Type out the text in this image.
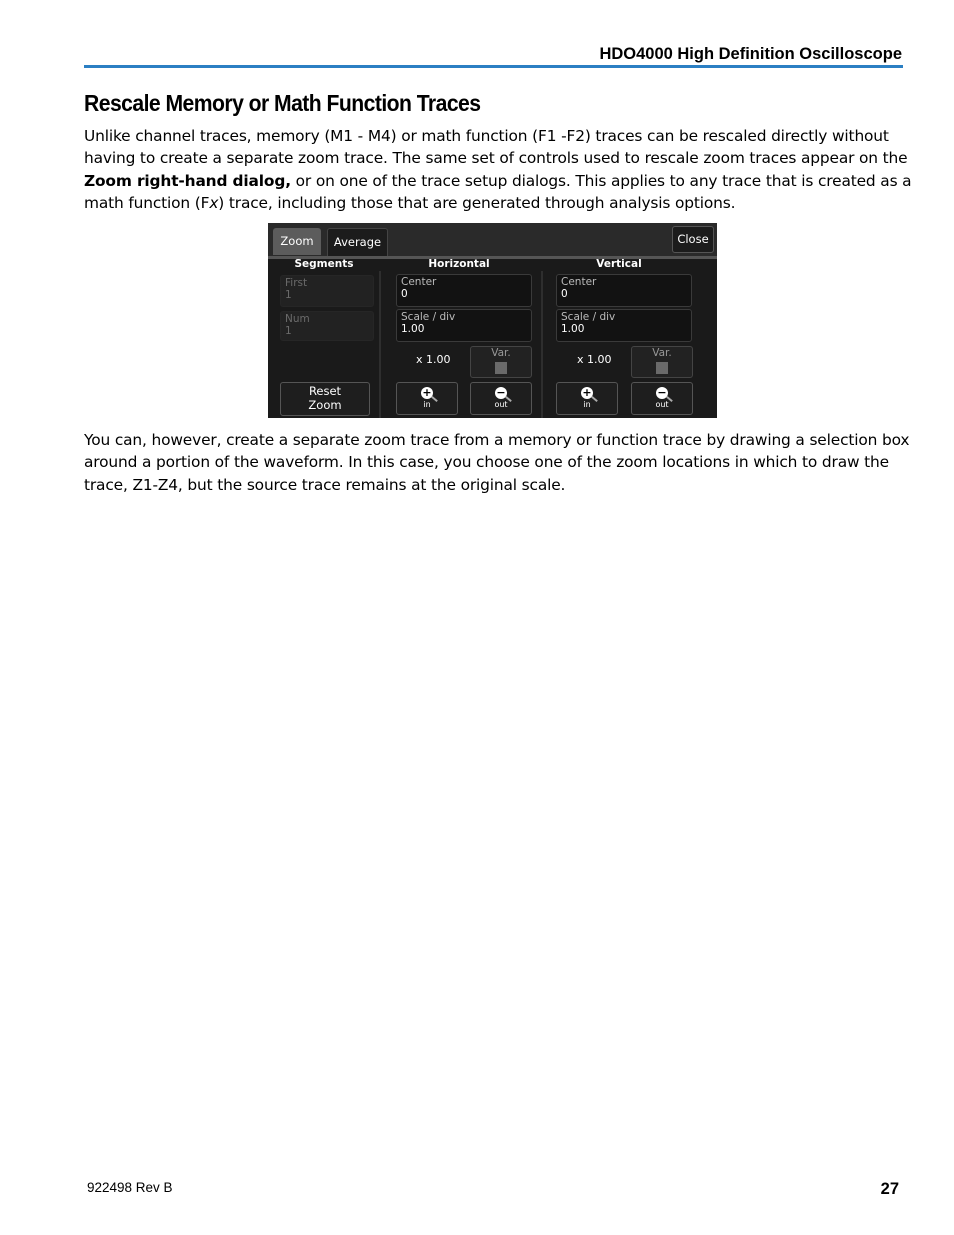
HDO4000 High Definition Oscilloscope
Rescale Memory or Math Function Traces

Unlike channel traces, memory (M1 - M4) or math function (F1 -F2) traces can be rescaled directly without having to create a separate zoom trace. The same set of controls used to rescale zoom traces appear on the Zoom right-hand dialog, or on one of the trace setup dialogs. This applies to any trace that is created as a math function (Fx) trace, including those that are generated through analysis options.

Zoom	Average	Close
Segments
First
1
Num
1
Reset
Zoom
Horizontal
Center
0
Scale / div
1.00
x 1.00	Var.
+
in
−
out
Vertical
Center
0
Scale / div
1.00
x 1.00	Var.
+
in
−
out

You can, however, create a separate zoom trace from a memory or function trace by drawing a selection box around a portion of the waveform. In this case, you choose one of the zoom locations in which to draw the trace, Z1-Z4, but the source trace remains at the original scale.

922498 Rev B	27
